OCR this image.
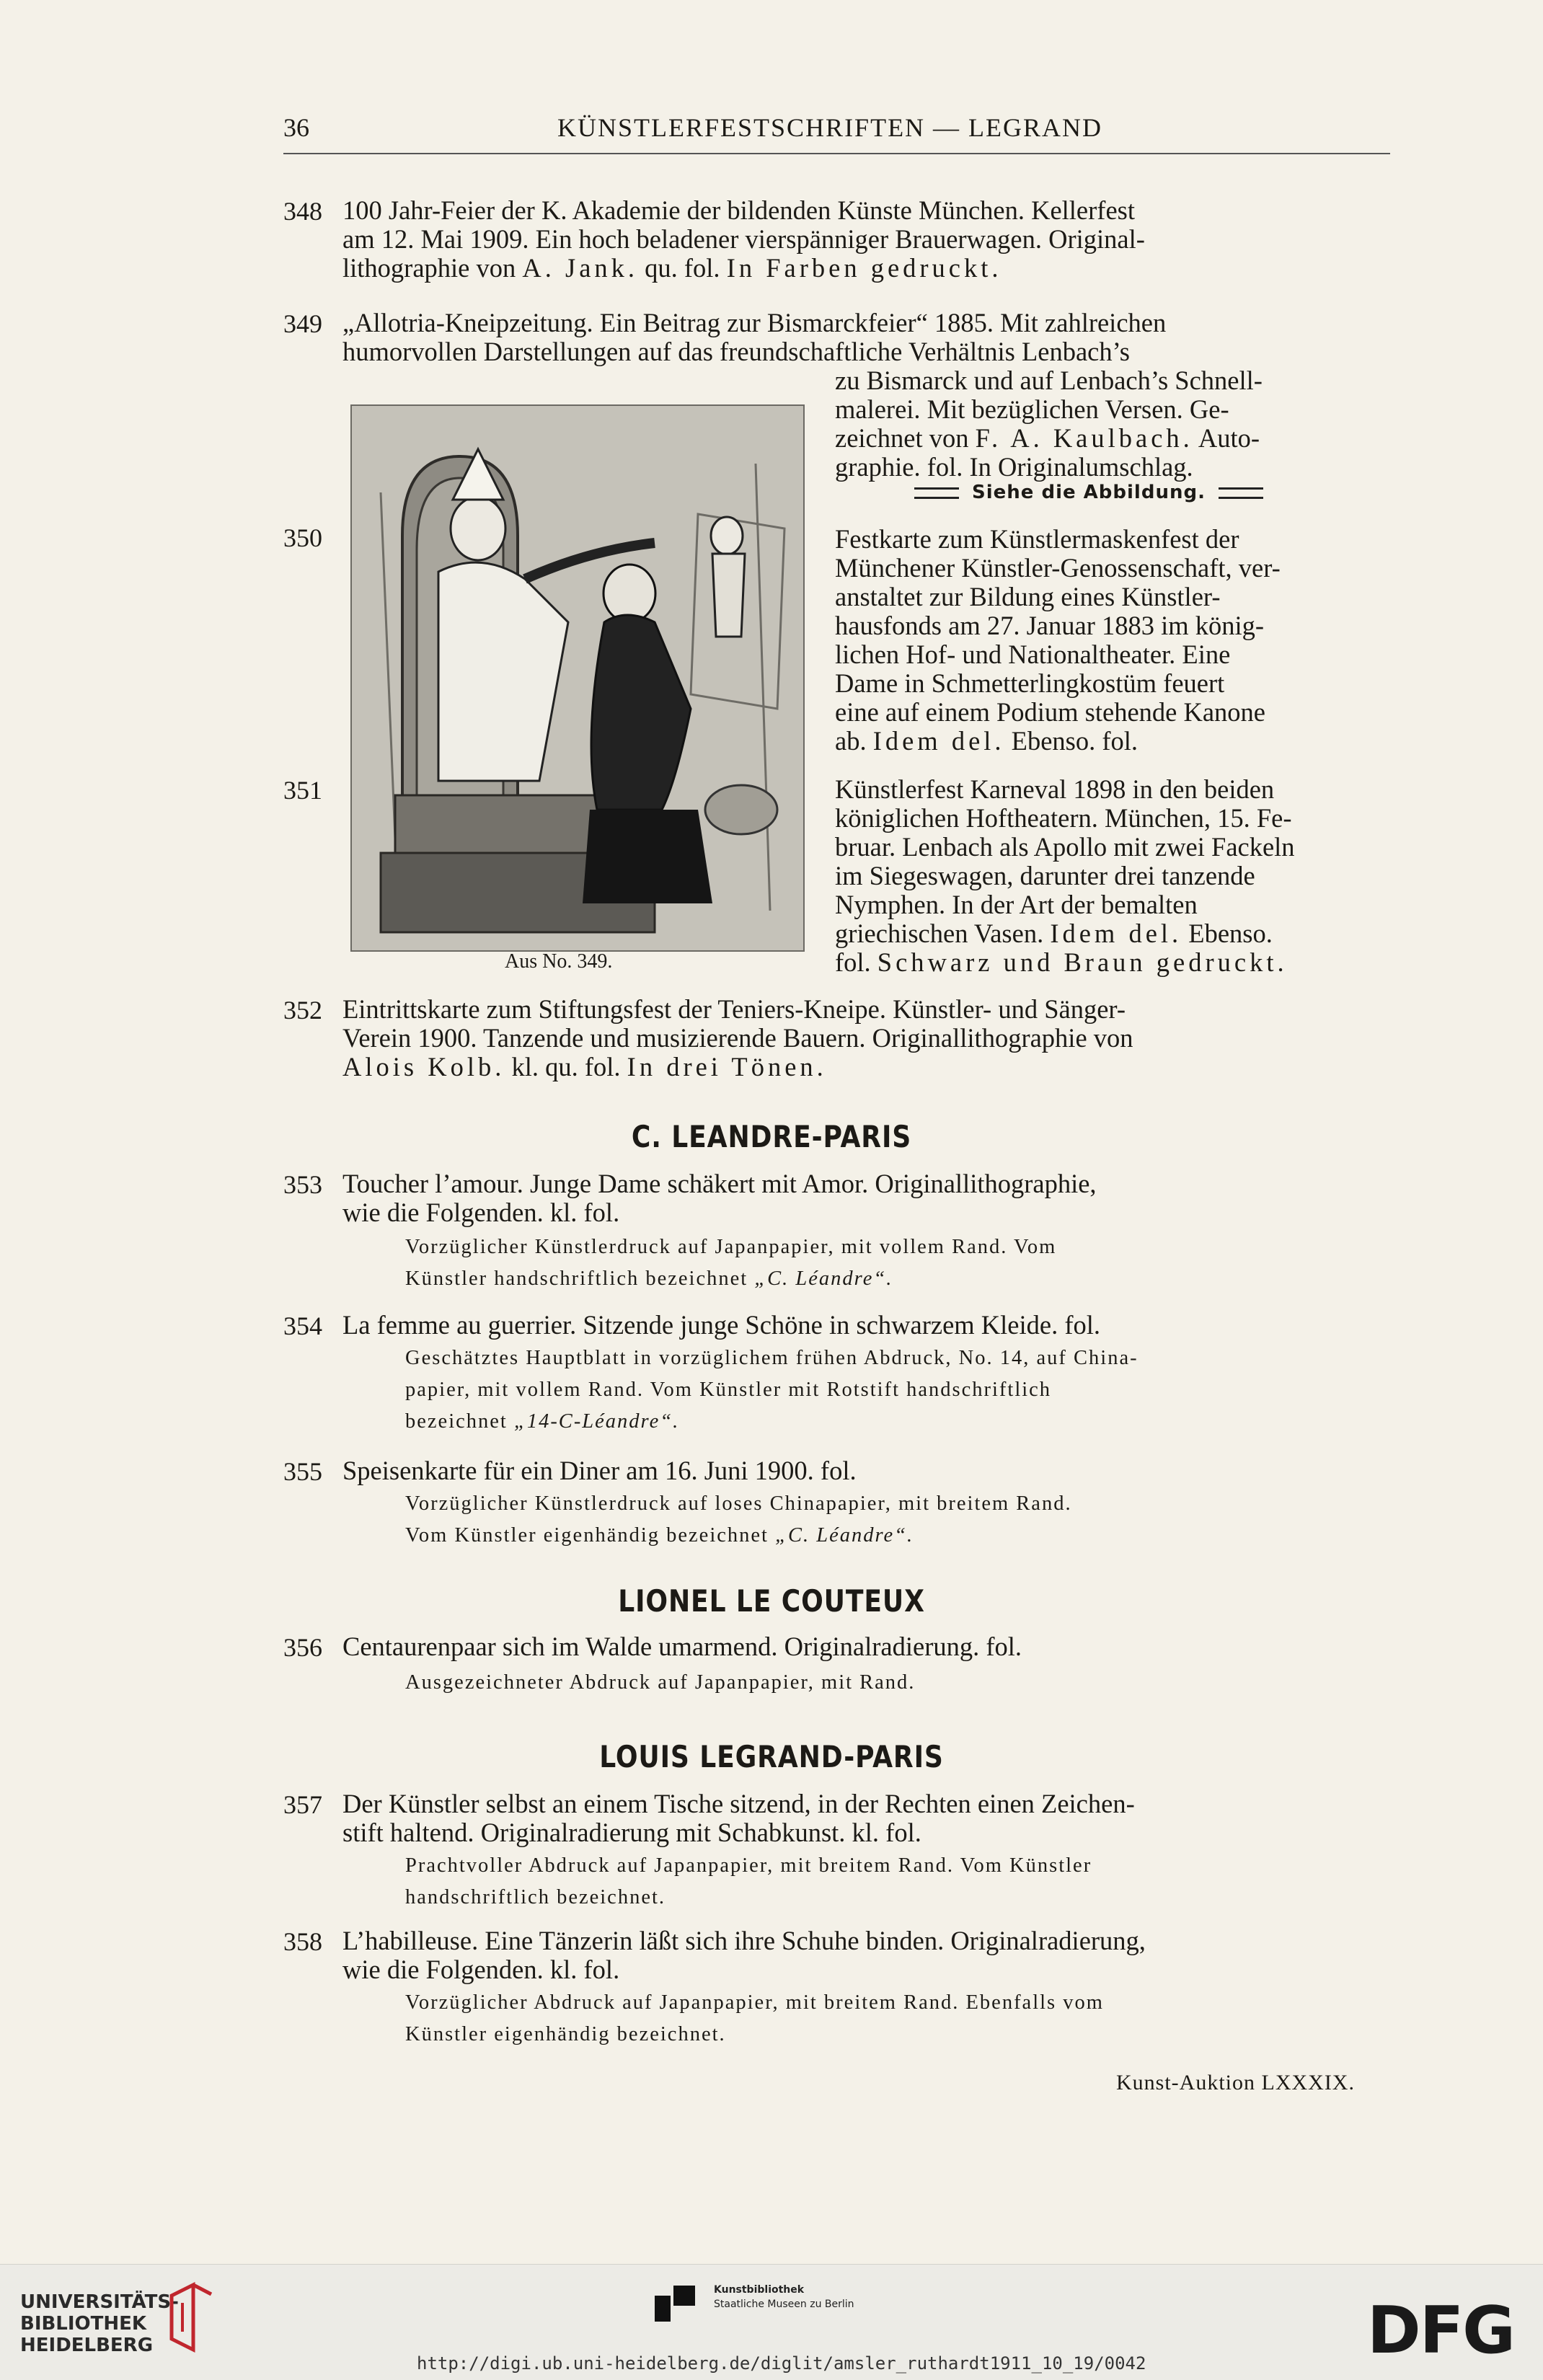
36	KÜNSTLERFESTSCHRIFTEN — LEGRAND
348 100 Jahr-Feier der K. Akademie der bildenden Künste München. Kellerfest
am 12. Mai 1909. Ein hoch beladener vierspänniger Brauerwagen. Original-
lithographie von A. Jank. qu. fol. In Farben gedruckt.
349 „Allotria-Kneipzeitung. Ein Beitrag zur Bismarckfeier“ 1885. Mit zahlreichen
humorvollen Darstellungen auf das freundschaftliche Verhältnis Lenbach’s
zu Bismarck und auf Lenbach’s Schnell-
malerei. Mit bezüglichen Versen. Ge-
zeichnet von F. A. Kaulbach. Auto-
graphie. fol. In Originalumschlag.
Siehe die Abbildung.
Aus No. 349.
350	Festkarte zum Künstlermaskenfest der
Münchener Künstler-Genossenschaft, ver-
anstaltet zur Bildung eines Künstler-
hausfonds am 27. Januar 1883 im könig-
lichen Hof- und Nationaltheater. Eine
Dame in Schmetterlingkostüm feuert
eine auf einem Podium stehende Kanone
ab. Idem del. Ebenso. fol.
351	Künstlerfest Karneval 1898 in den beiden
königlichen Hoftheatern. München, 15. Fe-
bruar. Lenbach als Apollo mit zwei Fackeln
im Siegeswagen, darunter drei tanzende
Nymphen. In der Art der bemalten
griechischen Vasen. Idem del. Ebenso.
fol. Schwarz und Braun gedruckt.
352 Eintrittskarte zum Stiftungsfest der Teniers-Kneipe. Künstler- und Sänger-
Verein 1900. Tanzende und musizierende Bauern. Originallithographie von
Alois Kolb. kl. qu. fol. In drei Tönen.
C. LEANDRE-PARIS
353 Toucher l’amour. Junge Dame schäkert mit Amor. Originallithographie,
wie die Folgenden. kl. fol.
Vorzüglicher Künstlerdruck auf Japanpapier, mit vollem Rand. Vom
Künstler handschriftlich bezeichnet „C. Léandre“.
354 La femme au guerrier. Sitzende junge Schöne in schwarzem Kleide. fol.
Geschätztes Hauptblatt in vorzüglichem frühen Abdruck, No. 14, auf China-
papier, mit vollem Rand. Vom Künstler mit Rotstift handschriftlich
bezeichnet „14-C-Léandre“.
355 Speisenkarte für ein Diner am 16. Juni 1900. fol.
Vorzüglicher Künstlerdruck auf loses Chinapapier, mit breitem Rand.
Vom Künstler eigenhändig bezeichnet „C. Léandre“.
LIONEL LE COUTEUX
356 Centaurenpaar sich im Walde umarmend. Originalradierung. fol.
Ausgezeichneter Abdruck auf Japanpapier, mit Rand.
LOUIS LEGRAND-PARIS
357 Der Künstler selbst an einem Tische sitzend, in der Rechten einen Zeichen-
stift haltend. Originalradierung mit Schabkunst. kl. fol.
Prachtvoller Abdruck auf Japanpapier, mit breitem Rand. Vom Künstler
handschriftlich bezeichnet.
358 L’habilleuse. Eine Tänzerin läßt sich ihre Schuhe binden. Originalradierung,
wie die Folgenden. kl. fol.
Vorzüglicher Abdruck auf Japanpapier, mit breitem Rand. Ebenfalls vom
Künstler eigenhändig bezeichnet.
Kunst-Auktion LXXXIX.
UNIVERSITÄTS-
BIBLIOTHEK
HEIDELBERG
Kunstbibliothek
Staatliche Museen zu Berlin	DFG
http://digi.ub.uni-heidelberg.de/diglit/amsler_ruthardt1911_10_19/0042
